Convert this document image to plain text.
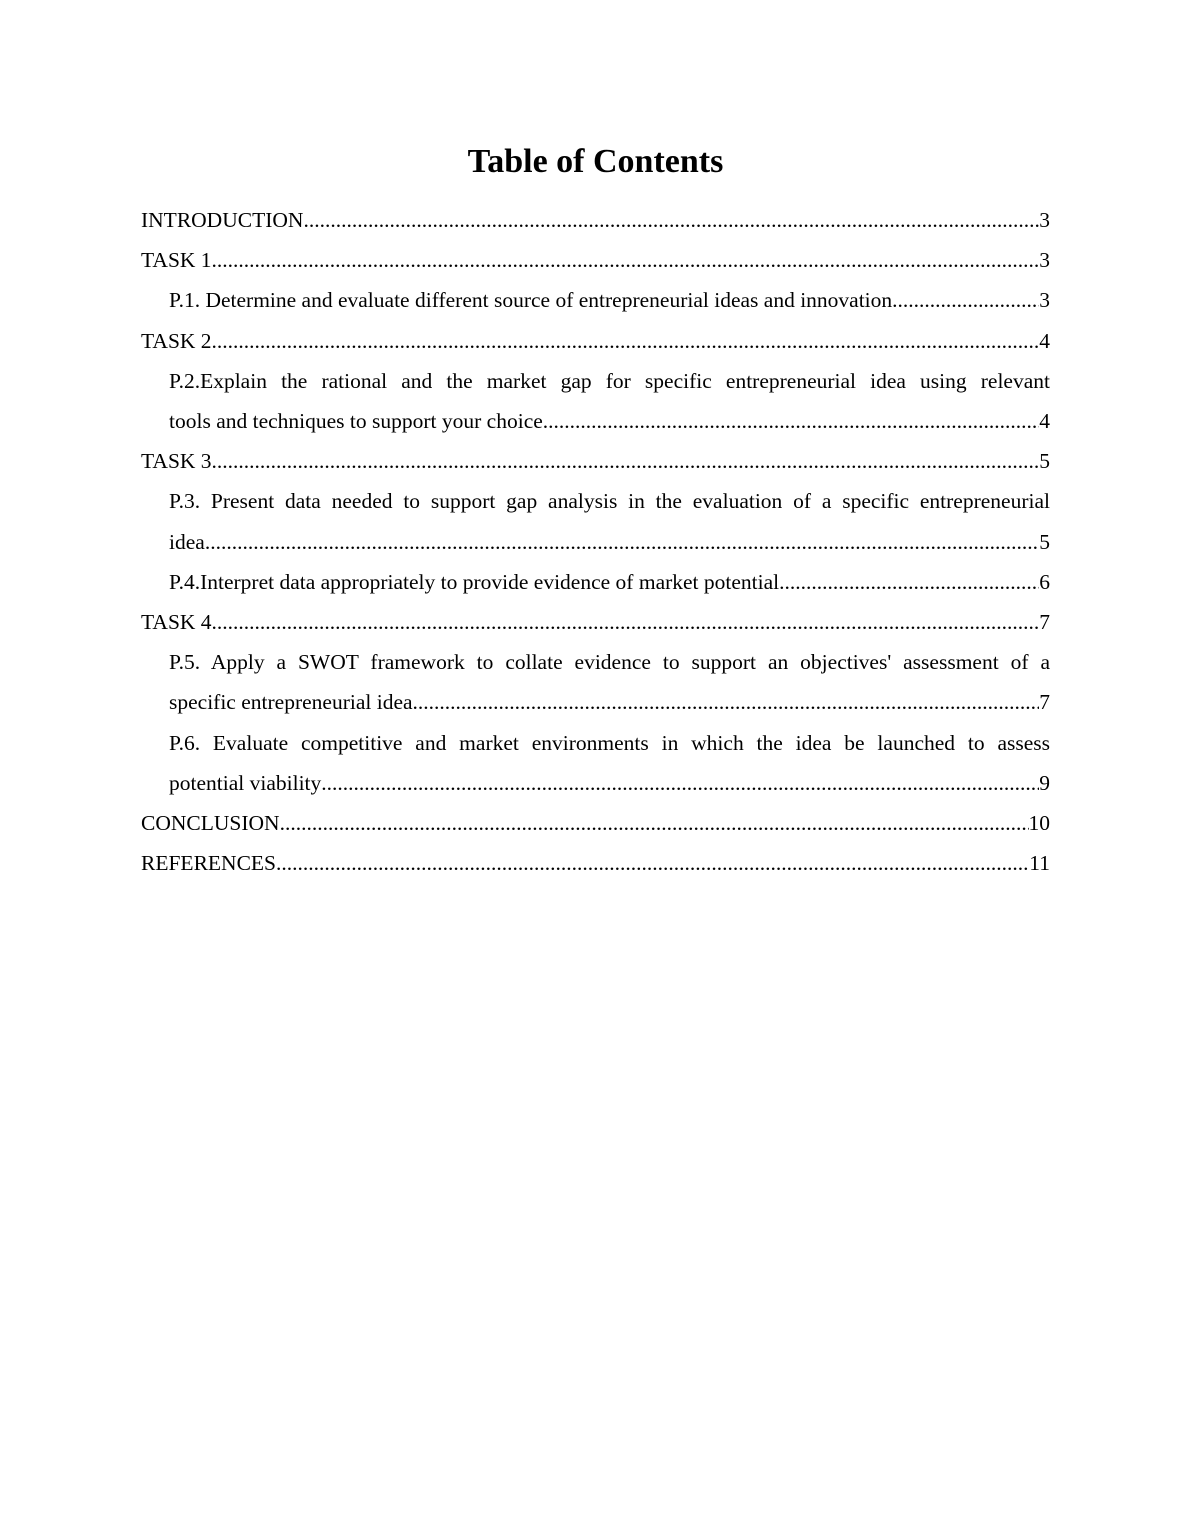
Table of Contents
INTRODUCTION .....	3
TASK 1 .....	3
P.1. Determine and evaluate different source of entrepreneurial ideas and innovation .....	3
TASK 2 .....	4
P.2.Explain the rational and the market gap for specific entrepreneurial idea using relevant
tools and techniques to support your choice .....	4
TASK 3 .....	5
P.3. Present data needed to support gap analysis in the evaluation of a specific entrepreneurial
idea .....	5
P.4.Interpret data appropriately to provide evidence of market potential .....	6
TASK 4 .....	7
P.5. Apply a SWOT framework to collate evidence to support an objectives' assessment of a
specific entrepreneurial idea .....	7
P.6. Evaluate competitive and market environments in which the idea be launched to assess
potential viability .....	9
CONCLUSION .....	10
REFERENCES .....	11
